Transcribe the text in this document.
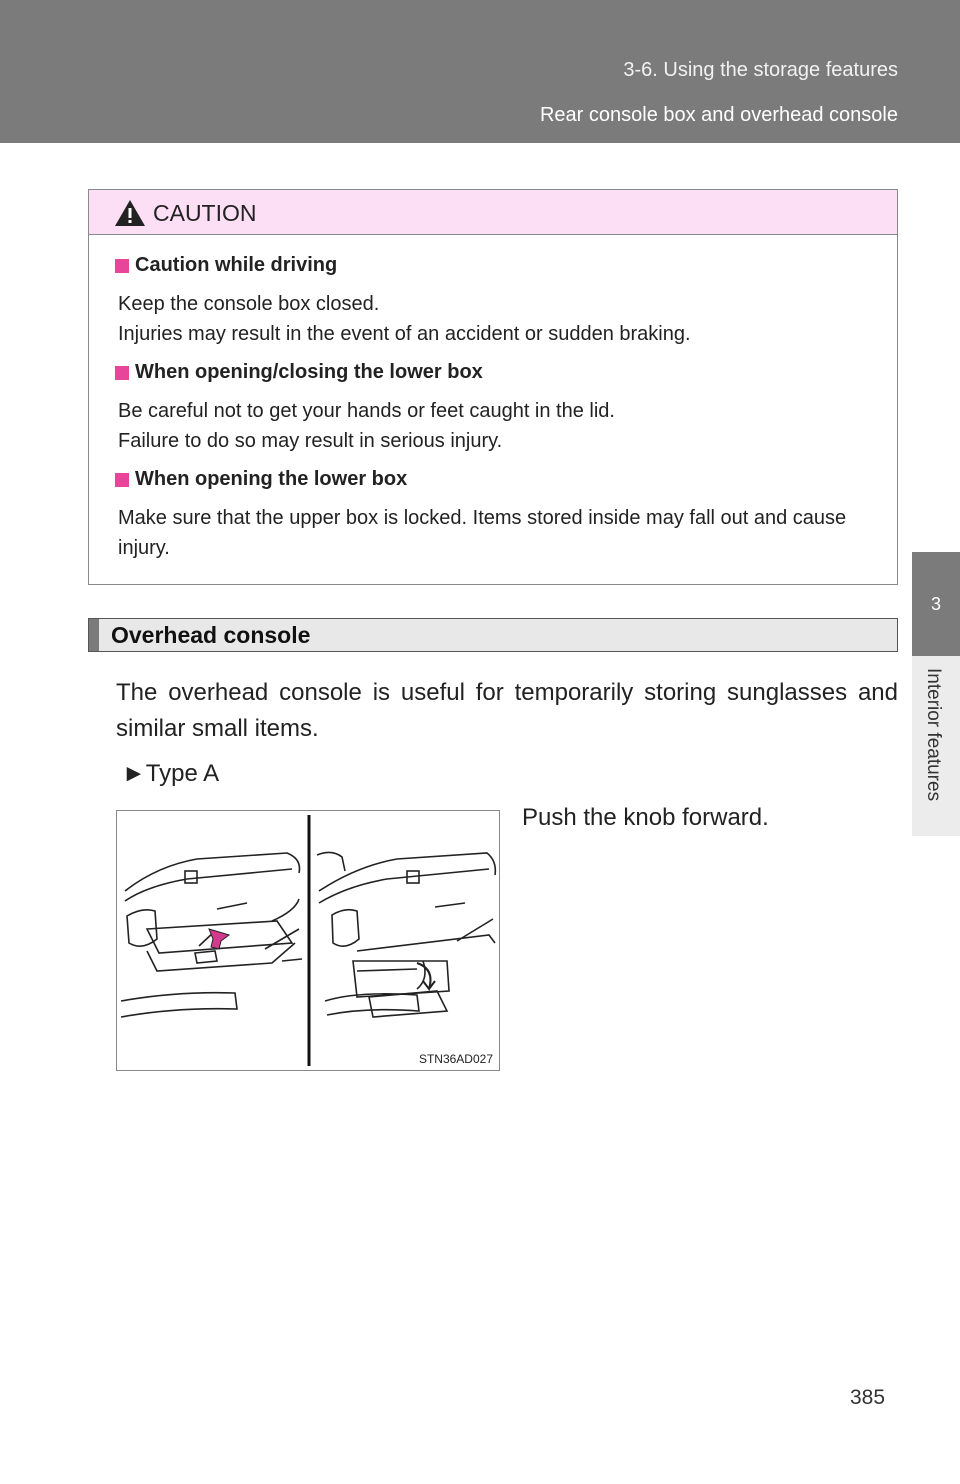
3-6. Using the storage features
Rear console box and overhead console
3
Interior features
CAUTION
Caution while driving

Keep the console box closed.

Injuries may result in the event of an accident or sudden braking.

When opening/closing the lower box

Be careful not to get your hands or feet caught in the lid.

Failure to do so may result in serious injury.

When opening the lower box

Make sure that the upper box is locked. Items stored inside may fall out and cause injury.

Overhead console
The overhead console is useful for temporarily storing sunglasses and similar small items.
►Type A
Push the knob forward.
STN36AD027
385
